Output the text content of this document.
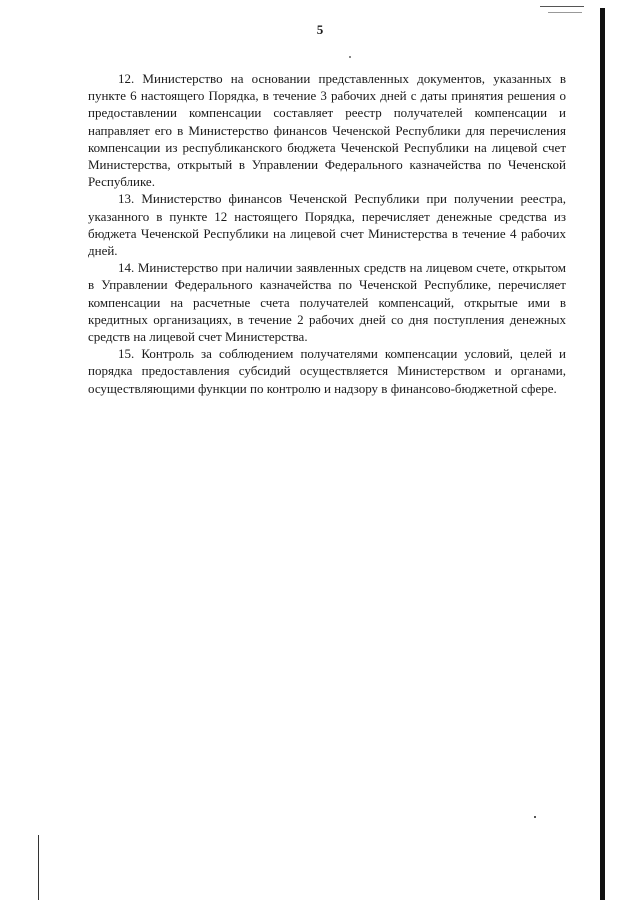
5

12. Министерство на основании представленных документов, указанных в пункте 6 настоящего Порядка, в течение 3 рабочих дней с даты принятия решения о предоставлении компенсации составляет реестр получателей компенсации и направляет его в Министерство финансов Чеченской Республики для перечисления компенсации из республиканского бюджета Чеченской Республики на лицевой счет Министерства, открытый в Управлении Федерального казначейства по Чеченской Республике.

13. Министерство финансов Чеченской Республики при получении реестра, указанного в пункте 12 настоящего Порядка, перечисляет денежные средства из бюджета Чеченской Республики на лицевой счет Министерства в течение 4 рабочих дней.

14. Министерство при наличии заявленных средств на лицевом счете, открытом в Управлении Федерального казначейства по Чеченской Республике, перечисляет компенсации на расчетные счета получателей компенсаций, открытые ими в кредитных организациях, в течение 2 рабочих дней со дня поступления денежных средств на лицевой счет Министерства.

15. Контроль за соблюдением получателями компенсации условий, целей и порядка предоставления субсидий осуществляется Министерством и органами, осуществляющими функции по контролю и надзору в финансово-бюджетной сфере.
